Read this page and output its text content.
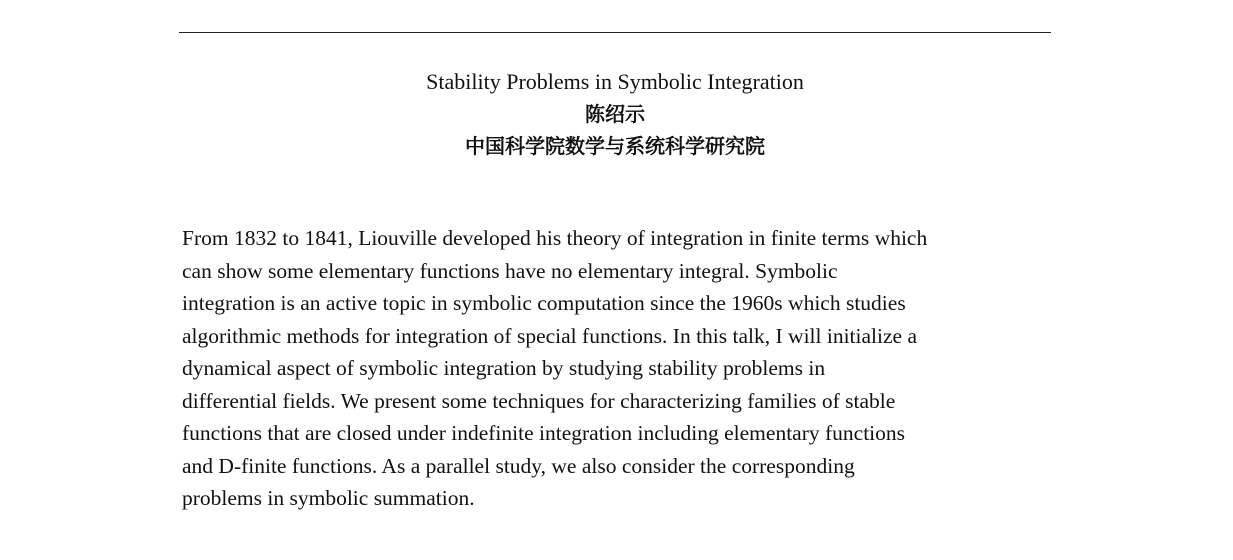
Stability Problems in Symbolic Integration

陈绍示

中国科学院数学与系统科学研究院

From 1832 to 1841, Liouville developed his theory of integration in finite terms which
can show some elementary functions have no elementary integral. Symbolic
integration is an active topic in symbolic computation since the 1960s which studies
algorithmic methods for integration of special functions. In this talk, I will initialize a
dynamical aspect of symbolic integration by studying stability problems in
differential fields. We present some techniques for characterizing families of stable
functions that are closed under indefinite integration including elementary functions
and D-finite functions. As a parallel study, we also consider the corresponding
problems in symbolic summation.
